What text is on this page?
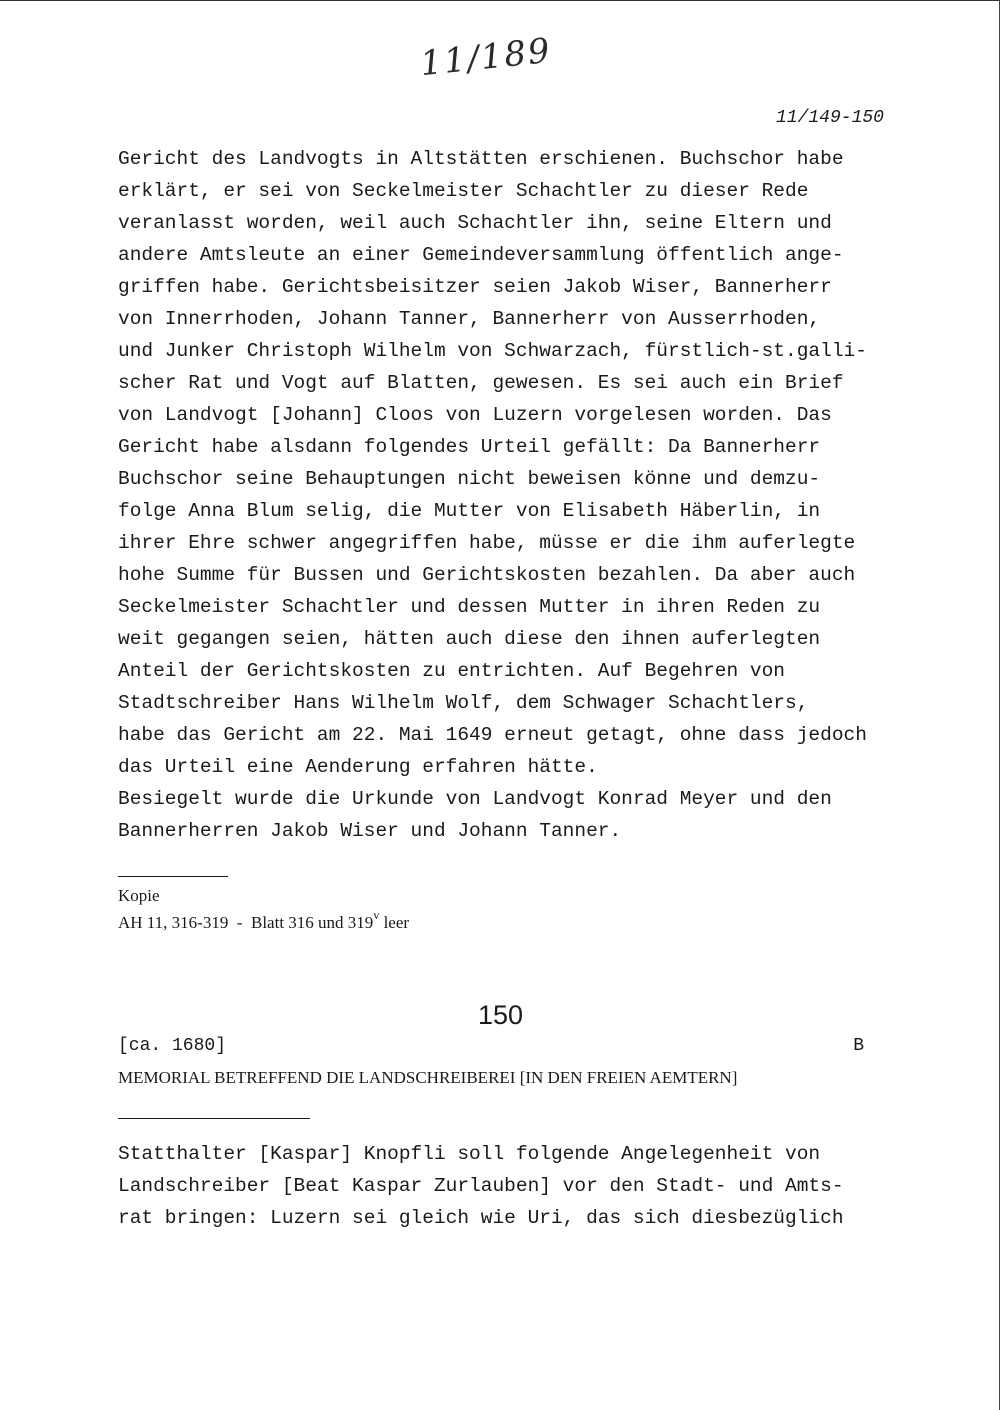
11/189
11/149-150
Gericht des Landvogts in Altstätten erschienen. Buchschor habe
erklärt, er sei von Seckelmeister Schachtler zu dieser Rede
veranlasst worden, weil auch Schachtler ihn, seine Eltern und
andere Amtsleute an einer Gemeindeversammlung öffentlich ange-
griffen habe. Gerichtsbeisitzer seien Jakob Wiser, Bannerherr
von Innerrhoden, Johann Tanner, Bannerherr von Ausserrhoden,
und Junker Christoph Wilhelm von Schwarzach, fürstlich-st.galli-
scher Rat und Vogt auf Blatten, gewesen. Es sei auch ein Brief
von Landvogt [Johann] Cloos von Luzern vorgelesen worden. Das
Gericht habe alsdann folgendes Urteil gefällt: Da Bannerherr
Buchschor seine Behauptungen nicht beweisen könne und demzu-
folge Anna Blum selig, die Mutter von Elisabeth Häberlin, in
ihrer Ehre schwer angegriffen habe, müsse er die ihm auferlegte
hohe Summe für Bussen und Gerichtskosten bezahlen. Da aber auch
Seckelmeister Schachtler und dessen Mutter in ihren Reden zu
weit gegangen seien, hätten auch diese den ihnen auferlegten
Anteil der Gerichtskosten zu entrichten. Auf Begehren von
Stadtschreiber Hans Wilhelm Wolf, dem Schwager Schachtlers,
habe das Gericht am 22. Mai 1649 erneut getagt, ohne dass jedoch
das Urteil eine Aenderung erfahren hätte.
Besiegelt wurde die Urkunde von Landvogt Konrad Meyer und den
Bannerherren Jakob Wiser und Johann Tanner.
Kopie
AH 11, 316-319  -  Blatt 316 und 319$^v$ leer
150
[ca. 1680]	B
MEMORIAL BETREFFEND DIE LANDSCHREIBEREI [IN DEN FREIEN AEMTERN]
Statthalter [Kaspar] Knopfli soll folgende Angelegenheit von
Landschreiber [Beat Kaspar Zurlauben] vor den Stadt- und Amts-
rat bringen: Luzern sei gleich wie Uri, das sich diesbezüglich
